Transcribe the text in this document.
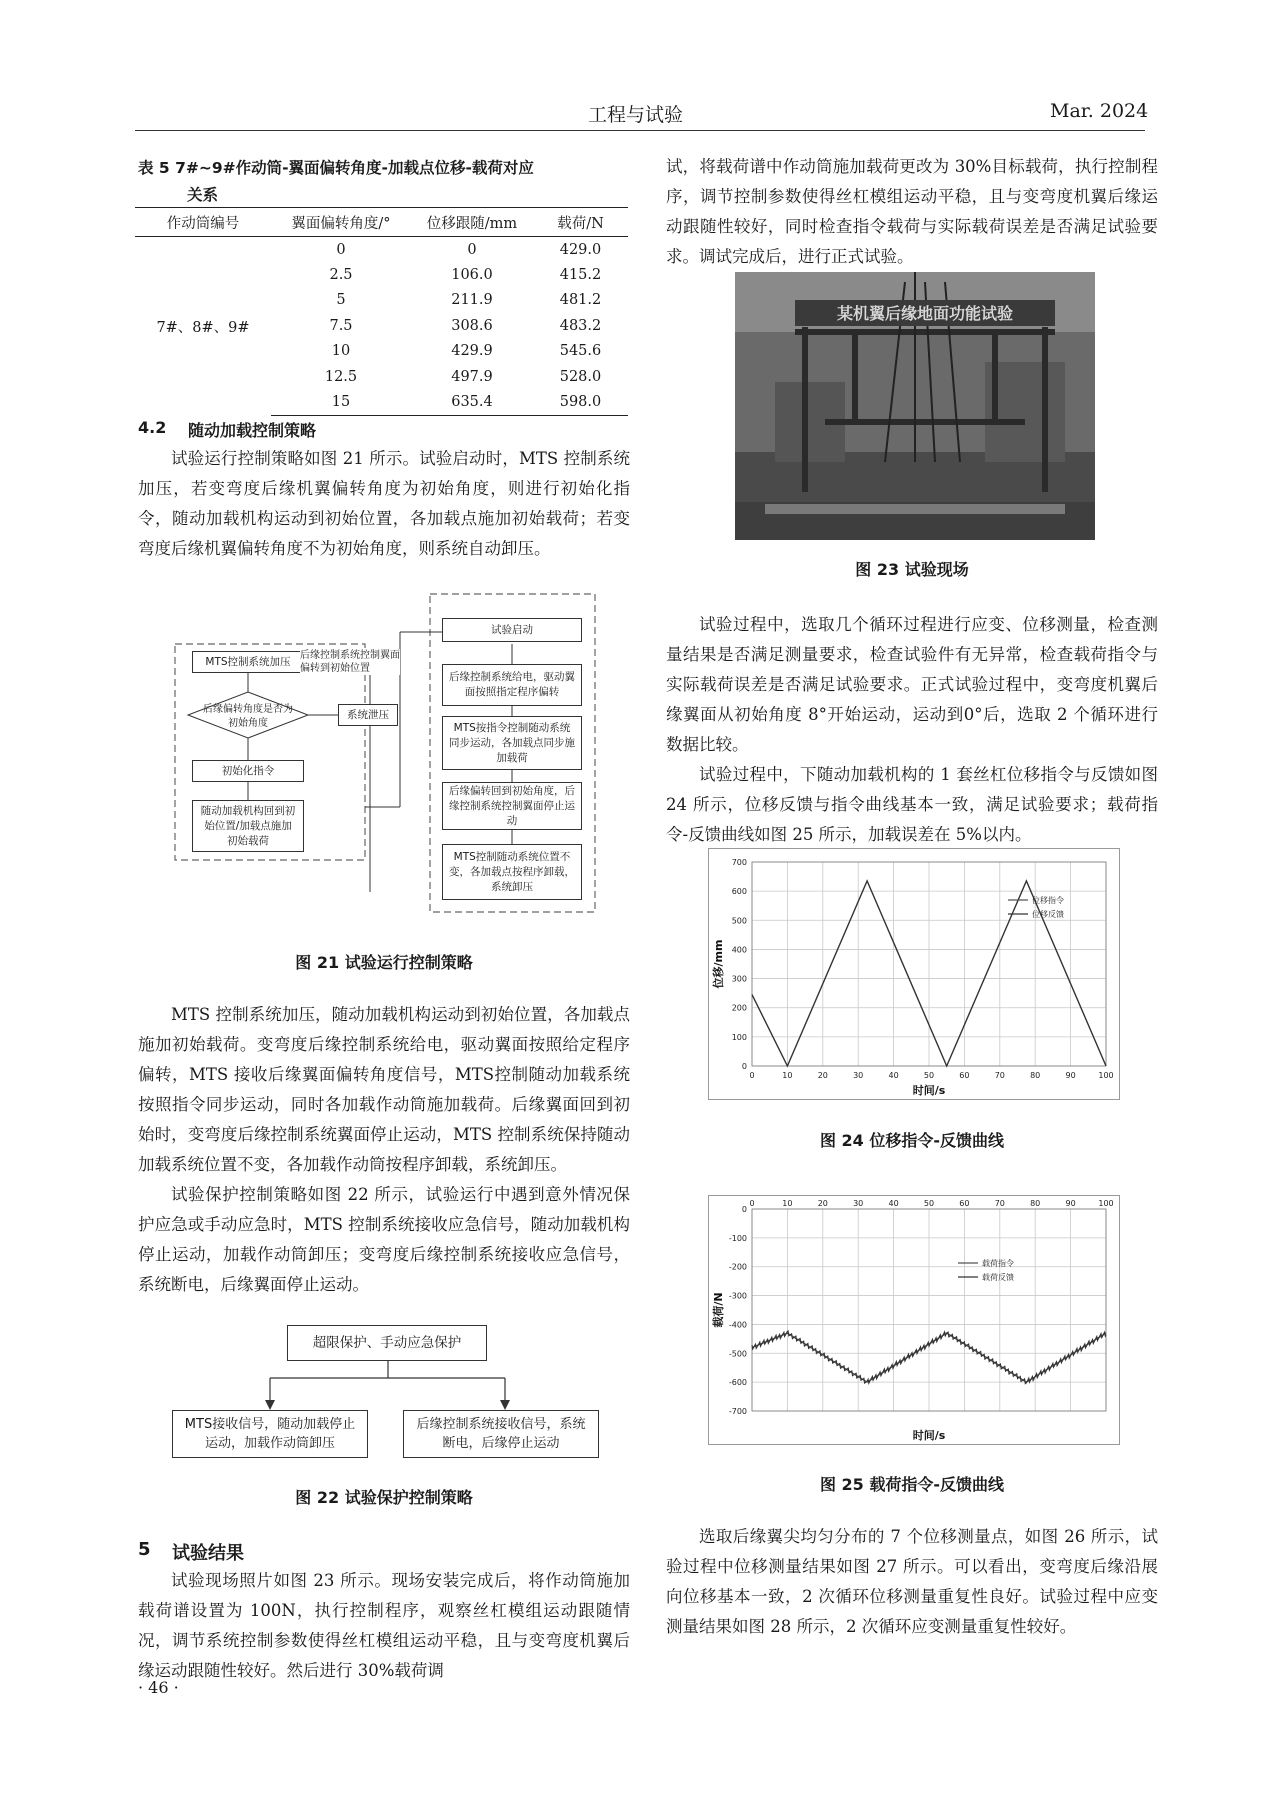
工程与试验	Mar. 2024
表 5 7#~9#作动筒-翼面偏转角度-加载点位移-载荷对应
关系
作动筒编号	翼面偏转角度/°	位移跟随/mm	载荷/N
7#、8#、9#	0	0	429.0
	2.5	106.0	415.2
	5	211.9	481.2
	7.5	308.6	483.2
	10	429.9	545.6
	12.5	497.9	528.0
	15	635.4	598.0
4.2 随动加载控制策略

试验运行控制策略如图 21 所示。试验启动时，MTS 控制系统加压，若变弯度后缘机翼偏转角度为初始角度，则进行初始化指令，随动加载机构运动到初始位置，各加载点施加初始载荷；若变弯度后缘机翼偏转角度不为初始角度，则系统自动卸压。

MTS控制系统加压 后缘控制系统控制翼面偏转到初始位置
后缘偏转角度是否为初始角度
系统泄压
初始化指令
随动加载机构回到初始位置/加载点施加初始载荷
试验启动
后缘控制系统给电，驱动翼面按照指定程序偏转
MTS按指令控制随动系统同步运动，各加载点同步施加载荷
后缘偏转回到初始角度，后缘控制系统控制翼面停止运动
MTS控制随动系统位置不变，各加载点按程序卸载，系统卸压
图 21 试验运行控制策略

MTS 控制系统加压，随动加载机构运动到初始位置，各加载点施加初始载荷。变弯度后缘控制系统给电，驱动翼面按照给定程序偏转，MTS 接收后缘翼面偏转角度信号，MTS控制随动加载系统按照指令同步运动，同时各加载作动筒施加载荷。后缘翼面回到初始时，变弯度后缘控制系统翼面停止运动，MTS 控制系统保持随动加载系统位置不变，各加载作动筒按程序卸载，系统卸压。

试验保护控制策略如图 22 所示，试验运行中遇到意外情况保护应急或手动应急时，MTS 控制系统接收应急信号，随动加载机构停止运动，加载作动筒卸压；变弯度后缘控制系统接收应急信号，系统断电，后缘翼面停止运动。

超限保护、手动应急保护
MTS接收信号，随动加载停止运动，加载作动筒卸压
后缘控制系统接收信号，系统断电，后缘停止运动
图 22 试验保护控制策略
5 试验结果

试验现场照片如图 23 所示。现场安装完成后，将作动筒施加载荷谱设置为 100N，执行控制程序，观察丝杠模组运动跟随情况，调节系统控制参数使得丝杠模组运动平稳，且与变弯度机翼后缘运动跟随性较好。然后进行 30%载荷调

· 46 ·

试，将载荷谱中作动筒施加载荷更改为 30%目标载荷，执行控制程序，调节控制参数使得丝杠模组运动平稳，且与变弯度机翼后缘运动跟随性较好，同时检查指令载荷与实际载荷误差是否满足试验要求。调试完成后，进行正式试验。

某机翼后缘地面功能试验
图 23 试验现场

试验过程中，选取几个循环过程进行应变、位移测量，检查测量结果是否满足测量要求，检查试验件有无异常，检查载荷指令与实际载荷误差是否满足试验要求。正式试验过程中，变弯度机翼后缘翼面从初始角度 8°开始运动，运动到0°后，选取 2 个循环进行数据比较。

试验过程中，下随动加载机构的 1 套丝杠位移指令与反馈如图 24 所示，位移反馈与指令曲线基本一致，满足试验要求；载荷指令-反馈曲线如图 25 所示，加载误差在 5%以内。

0	10	20	30	40	50	60	70	80	90	100
0
100
200
300
400
500
600
700
位移指令
位移反馈
时间/s
位移/mm
图 24 位移指令-反馈曲线
0	10	20	30	40	50	60	70	80	90	100
0
-100
-200
-300
-400
-500
-600
-700
载荷指令
载荷反馈
时间/s
载荷/N
图 25 载荷指令-反馈曲线

选取后缘翼尖均匀分布的 7 个位移测量点，如图 26 所示，试验过程中位移测量结果如图 27 所示。可以看出，变弯度后缘沿展向位移基本一致，2 次循环位移测量重复性良好。试验过程中应变测量结果如图 28 所示，2 次循环应变测量重复性较好。
